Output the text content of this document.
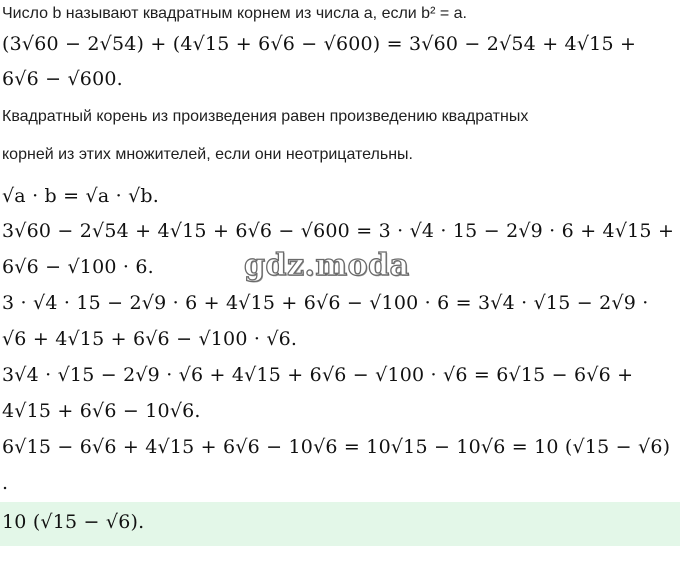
Число b называют квадратным корнем из числа a, если b² = a.
(3√60 − 2√54) + (4√15 + 6√6 − √600) = 3√60 − 2√54 + 4√15 +
6√6 − √600.
Квадратный корень из произведения равен произведению квадратных
корней из этих множителей, если они неотрицательны.
√a · b = √a · √b.
3√60 − 2√54 + 4√15 + 6√6 − √600 = 3 · √4 · 15 − 2√9 · 6 + 4√15 +
6√6 − √100 · 6.
3 · √4 · 15 − 2√9 · 6 + 4√15 + 6√6 − √100 · 6 = 3√4 · √15 − 2√9 ·
√6 + 4√15 + 6√6 − √100 · √6.
3√4 · √15 − 2√9 · √6 + 4√15 + 6√6 − √100 · √6 = 6√15 − 6√6 +
4√15 + 6√6 − 10√6.
6√15 − 6√6 + 4√15 + 6√6 − 10√6 = 10√15 − 10√6 = 10 (√15 − √6)
.
gdz.moda
10 (√15 − √6).
